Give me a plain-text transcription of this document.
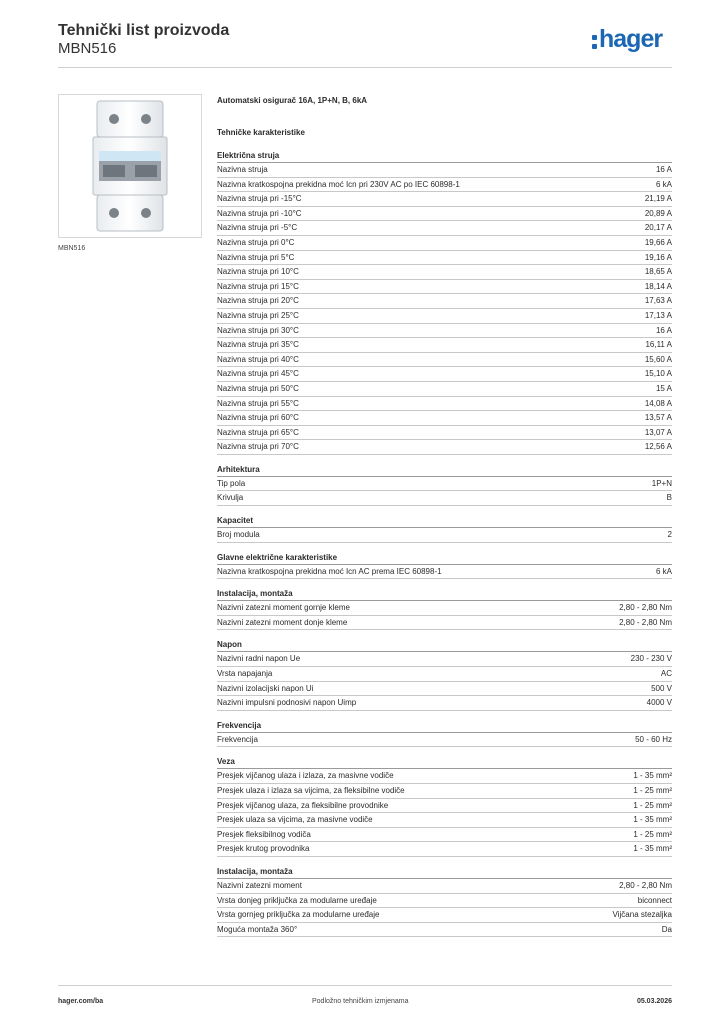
Tehnički list proizvoda
MBN516	hager
MBN516
Automatski osigurač 16A, 1P+N, B, 6kA
Tehničke karakteristike
Električna struja
Nazivna struja	16 A
Nazivna kratkospojna prekidna moć Icn pri 230V AC po IEC 60898-1	6 kA
Nazivna struja pri -15°C	21,19 A
Nazivna struja pri -10°C	20,89 A
Nazivna struja pri -5°C	20,17 A
Nazivna struja pri 0°C	19,66 A
Nazivna struja pri 5°C	19,16 A
Nazivna struja pri 10°C	18,65 A
Nazivna struja pri 15°C	18,14 A
Nazivna struja pri 20°C	17,63 A
Nazivna struja pri 25°C	17,13 A
Nazivna struja pri 30°C	16 A
Nazivna struja pri 35°C	16,11 A
Nazivna struja pri 40°C	15,60 A
Nazivna struja pri 45°C	15,10 A
Nazivna struja pri 50°C	15 A
Nazivna struja pri 55°C	14,08 A
Nazivna struja pri 60°C	13,57 A
Nazivna struja pri 65°C	13,07 A
Nazivna struja pri 70°C	12,56 A
Arhitektura
Tip pola	1P+N
Krivulja	B
Kapacitet
Broj modula	2
Glavne električne karakteristike
Nazivna kratkospojna prekidna moć Icn AC prema IEC 60898-1	6 kA
Instalacija, montaža
Nazivni zatezni moment gornje kleme	2,80 - 2,80 Nm
Nazivni zatezni moment donje kleme	2,80 - 2,80 Nm
Napon
Nazivni radni napon Ue	230 - 230 V
Vrsta napajanja	AC
Nazivni izolacijski napon Ui	500 V
Nazivni impulsni podnosivi napon Uimp	4000 V
Frekvencija
Frekvencija	50 - 60 Hz
Veza
Presjek vijčanog ulaza i izlaza, za masivne vodiče	1 - 35 mm²
Presjek ulaza i izlaza sa vijcima, za fleksibilne vodiče	1 - 25 mm²
Presjek vijčanog ulaza, za fleksibilne provodnike	1 - 25 mm²
Presjek ulaza sa vijcima, za masivne vodiče	1 - 35 mm²
Presjek fleksibilnog vodiča	1 - 25 mm²
Presjek krutog provodnika	1 - 35 mm²
Instalacija, montaža
Nazivni zatezni moment	2,80 - 2,80 Nm
Vrsta donjeg priključka za modularne uređaje	biconnect
Vrsta gornjeg priključka za modularne uređaje	Vijčana stezaljka
Moguća montaža 360°	Da
hager.com/ba	Podložno tehničkim izmjenama	05.03.2026
